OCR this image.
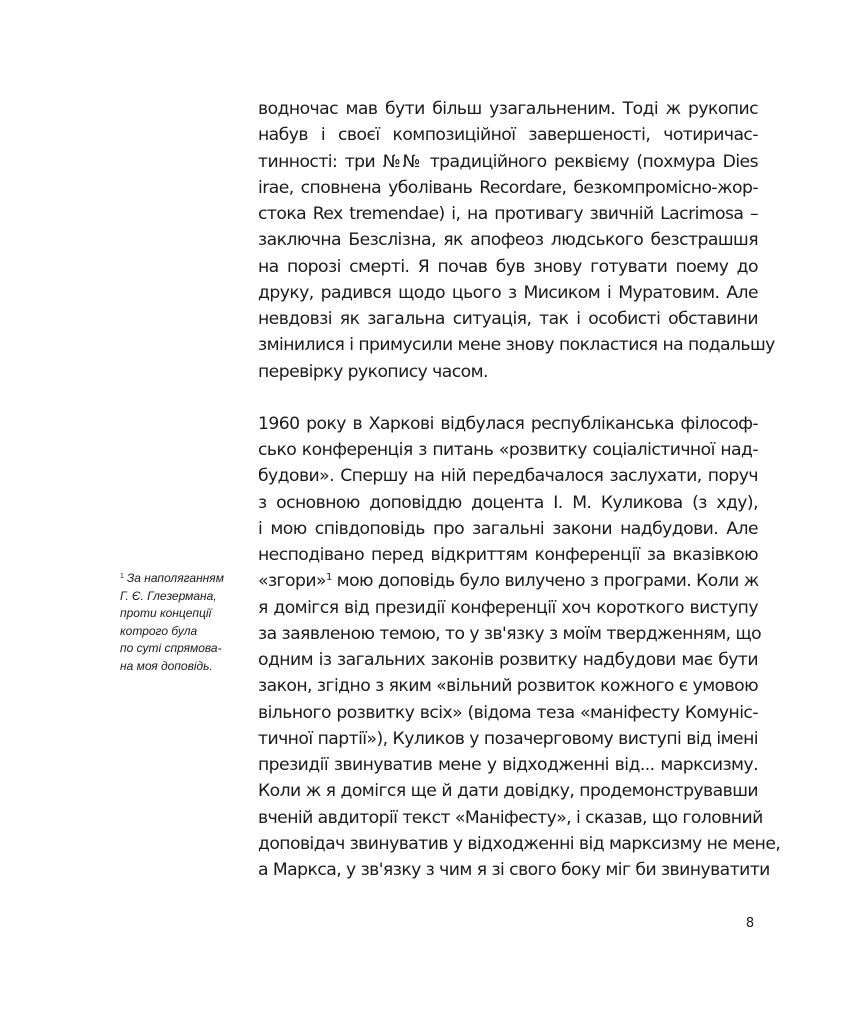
водночас мав бути більш узагальненим. Тоді ж рукопис
набув і своєї композиційної завершеності, чотиричас-
тинності: три №№ традиційного реквієму (похмура Dies
irae, сповнена уболівань Recordare, безкомпромісно-жор-
стока Rex tremendae) і, на противагу звичній Lacrimosa –
заключна Безслізна, як апофеоз людського безстрашшя
на порозі смерті. Я почав був знову готувати поему до
друку, радився щодо цього з Мисиком і Муратовим. Але
невдовзі як загальна ситуація, так і особисті обставини
змінилися і примусили мене знову покластися на подальшу
перевірку рукопису часом.

1960 року в Харкові відбулася республіканська філософ-
сько конференція з питань «розвитку соціалістичної над-
будови». Спершу на ній передбачалося заслухати, поруч
з основною доповіддю доцента І. М. Куликова (з хду),
і мою співдоповідь про загальні закони надбудови. Але
несподівано перед відкриттям конференції за вказівкою
«згори»$^1$ мою доповідь було вилучено з програми. Коли ж
я домігся від президії конференції хоч короткого виступу
за заявленою темою, то у зв'язку з моїм твердженням, що
одним із загальних законів розвитку надбудови має бути
закон, згідно з яким «вільний розвиток кожного є умовою
вільного розвитку всіх» (відома теза «маніфесту Комуніс-
тичної партії»), Куликов у позачерговому виступі від імені
президії звинуватив мене у відходженні від... марксизму.
Коли ж я домігся ще й дати довідку, продемонструвавши
вченій авдиторії текст «Маніфесту», і сказав, що головний
доповідач звинуватив у відходженні від марксизму не мене,
а Маркса, у зв'язку з чим я зі свого боку міг би звинуватити

$^1$ За наполяганням
Г. Є. Глезермана,
проти концепції
котрого була
по суті спрямова-
на моя доповідь.
8
